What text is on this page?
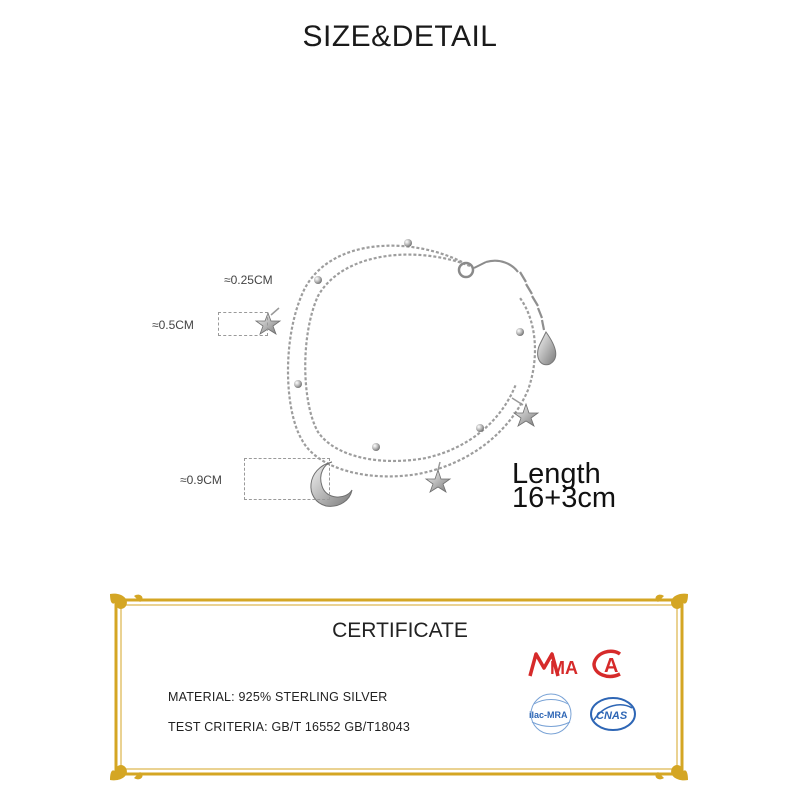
SIZE&DETAIL
≈0.25CM
≈0.5CM
≈0.9CM	Length
16+3cm
CERTIFICATE
MATERIAL: 925% STERLING SILVER
TEST CRITERIA: GB/T 16552 GB/T18043
MA A
ilac-MRA	CNAS
